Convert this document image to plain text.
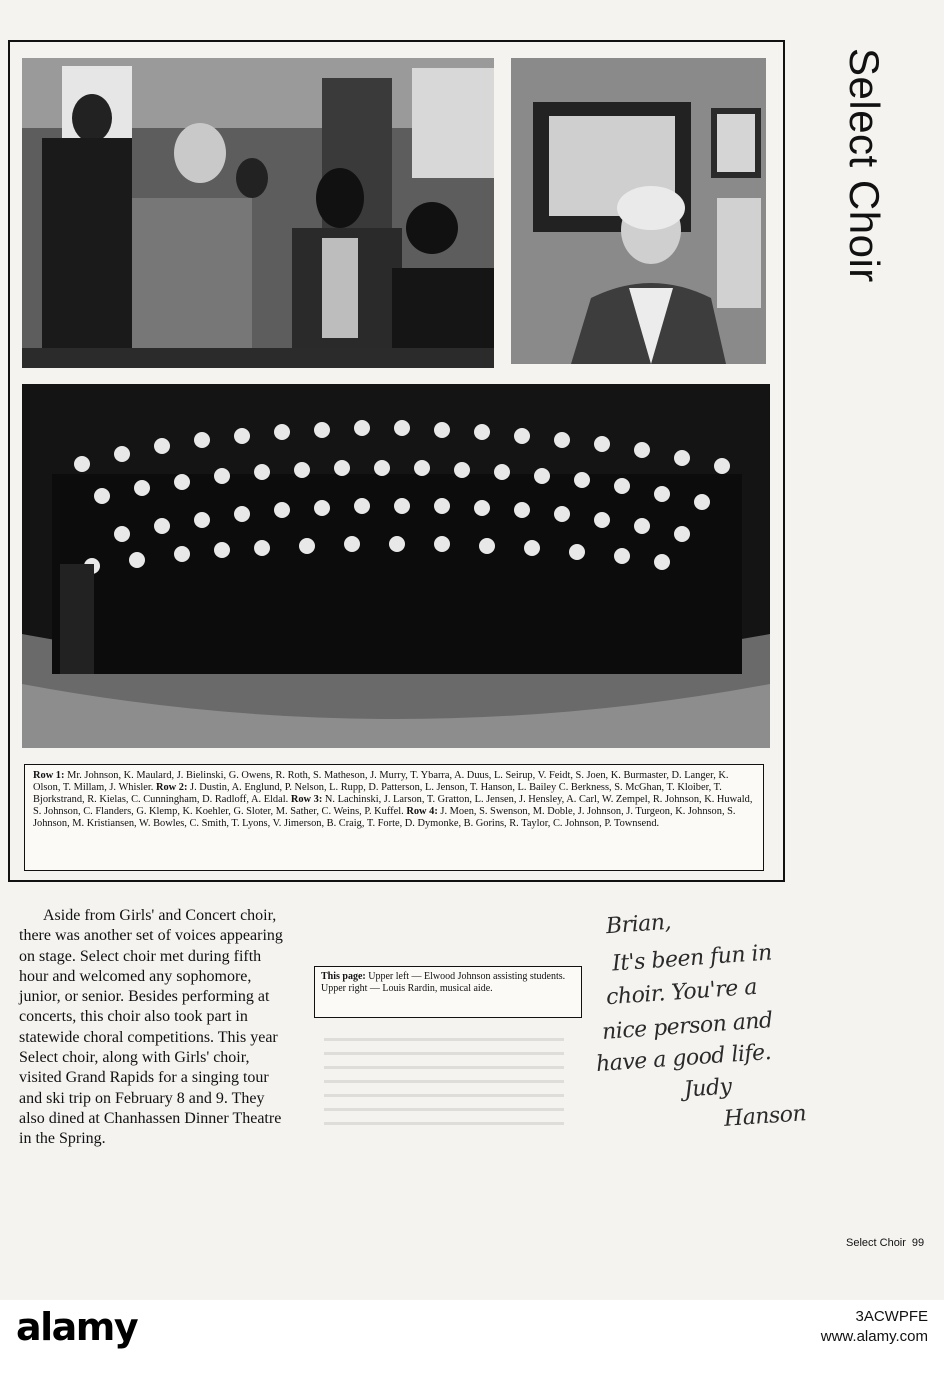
Row 1: Mr. Johnson, K. Maulard, J. Bielinski, G. Owens, R. Roth, S. Matheson, J. Murry, T. Ybarra, A. Duus, L. Seirup, V. Feidt, S. Joen, K. Burmaster, D. Langer, K. Olson, T. Millam, J. Whisler. Row 2: J. Dustin, A. Englund, P. Nelson, L. Rupp, D. Patterson, L. Jenson, T. Hanson, L. Bailey C. Berkness, S. McGhan, T. Kloiber, T. Bjorkstrand, R. Kielas, C. Cunningham, D. Radloff, A. Eldal. Row 3: N. Lachinski, J. Larson, T. Gratton, L. Jensen, J. Hensley, A. Carl, W. Zempel, R. Johnson, K. Huwald, S. Johnson, C. Flanders, G. Klemp, K. Koehler, G. Sloter, M. Sather, C. Weins, P. Kuffel. Row 4: J. Moen, S. Swenson, M. Doble, J. Johnson, J. Turgeon, K. Johnson, S. Johnson, M. Kristiansen, W. Bowles, C. Smith, T. Lyons, V. Jimerson, B. Craig, T. Forte, D. Dymonke, B. Gorins, R. Taylor, C. Johnson, P. Townsend.
Select Choir

Aside from Girls' and Concert choir, there was another set of voices appearing on stage. Select choir met during fifth hour and welcomed any sophomore, junior, or senior. Besides performing at concerts, this choir also took part in statewide choral competitions. This year Select choir, along with Girls' choir, visited Grand Rapids for a singing tour and ski trip on February 8 and 9. They also dined at Chanhassen Dinner Theatre in the Spring.

This page: Upper left — Elwood Johnson assisting students. Upper right — Louis Rardin, musical aide.
Brian,
It's been fun in
choir. You're a
nice person and
have a good life.
Judy
Hanson
Select Choir 99
alamy	3ACWPFE
www.alamy.com
